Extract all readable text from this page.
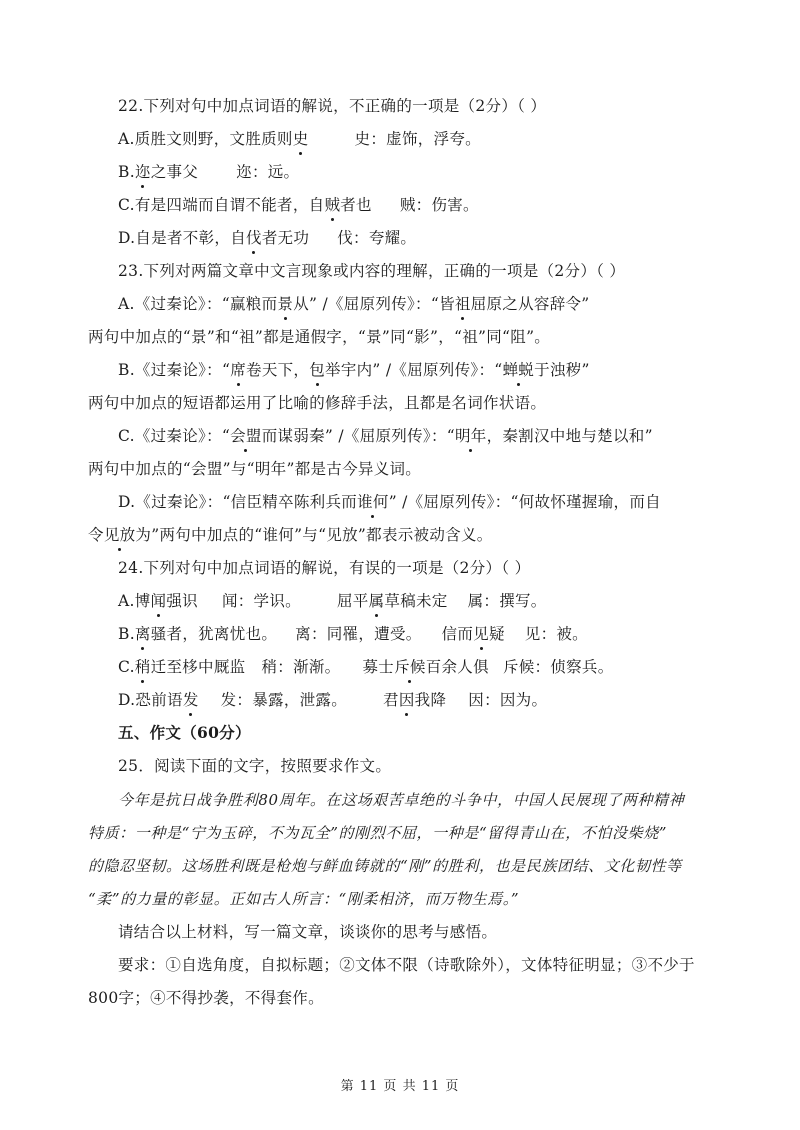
22.下列对句中加点词语的解说，不正确的一项是（2分）（ ）
A.质胜文则野，文胜质则史	史：虚饰，浮夸。
B.迩之事父 迩：远。
C.有是四端而自谓不能者，自贼者也 贼：伤害。
D.自是者不彰，自伐者无功 伐：夸耀。
23.下列对两篇文章中文言现象或内容的理解，正确的一项是（2分）（ ）
A.《过秦论》：“赢粮而景从” /《屈原列传》：“皆祖屈原之从容辞令”
两句中加点的“景”和“祖”都是通假字，“景”同“影”，“祖”同“阻”。
B.《过秦论》：“席卷天下，包举宇内” /《屈原列传》：“蝉蜕于浊秽”
两句中加点的短语都运用了比喻的修辞手法，且都是名词作状语。
C.《过秦论》：“会盟而谋弱秦” /《屈原列传》：“明年，秦割汉中地与楚以和”
两句中加点的“会盟”与“明年”都是古今异义词。
D.《过秦论》：“信臣精卒陈利兵而谁何” /《屈原列传》：“何故怀瑾握瑜，而自
令见放为”两句中加点的“谁何”与“见放”都表示被动含义。
24.下列对句中加点词语的解说，有误的一项是（2分）（ ）
A.博闻强识 闻：学识。 屈平属草稿未定 属：撰写。
B.离骚者，犹离忧也。 离：同罹，遭受。 信而见疑 见：被。
C.稍迁至栘中厩监 稍：渐渐。 募士斥候百余人俱 斥候：侦察兵。
D.恐前语发 发：暴露，泄露。 君因我降 因：因为。
五、作文（60分）
25．阅读下面的文字，按照要求作文。
今年是抗日战争胜利80周年。在这场艰苦卓绝的斗争中，中国人民展现了两种精神
特质：一种是“宁为玉碎，不为瓦全”的刚烈不屈，一种是“留得青山在，不怕没柴烧”
的隐忍坚韧。这场胜利既是枪炮与鲜血铸就的“刚”的胜利，也是民族团结、文化韧性等
“柔”的力量的彰显。正如古人所言：“刚柔相济，而万物生焉。”
请结合以上材料，写一篇文章，谈谈你的思考与感悟。
要求：①自选角度，自拟标题；②文体不限（诗歌除外），文体特征明显；③不少于
800字；④不得抄袭，不得套作。
第 11 页 共 11 页
